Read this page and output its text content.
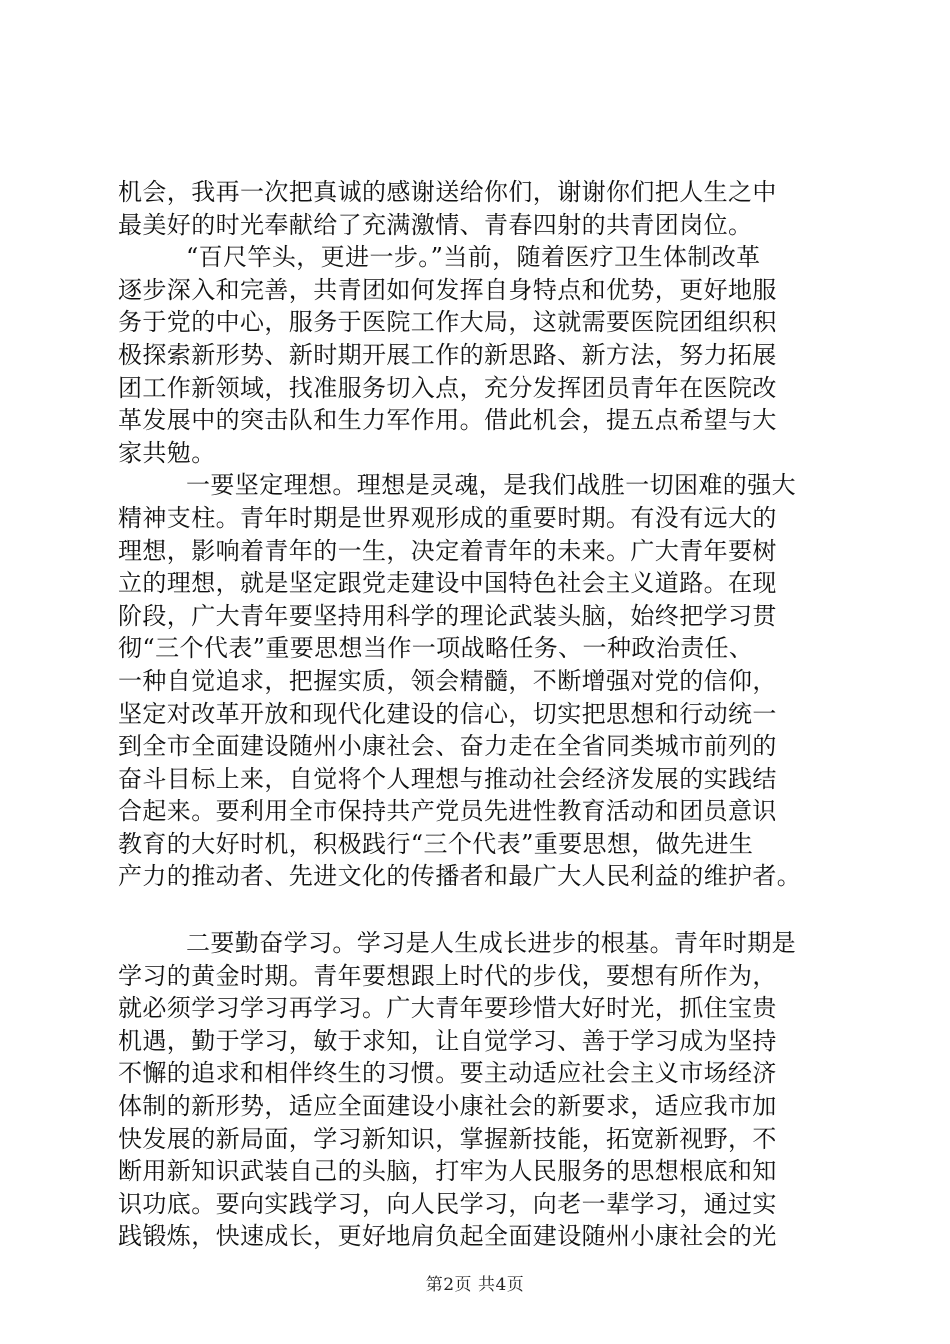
机会，我再一次把真诚的感谢送给你们，谢谢你们把人生之中
最美好的时光奉献给了充满激情、青春四射的共青团岗位。
“百尺竿头，更进一步。”当前，随着医疗卫生体制改革
逐步深入和完善，共青团如何发挥自身特点和优势，更好地服
务于党的中心，服务于医院工作大局，这就需要医院团组织积
极探索新形势、新时期开展工作的新思路、新方法，努力拓展
团工作新领域，找准服务切入点，充分发挥团员青年在医院改
革发展中的突击队和生力军作用。借此机会，提五点希望与大
家共勉。
一要坚定理想。理想是灵魂，是我们战胜一切困难的强大
精神支柱。青年时期是世界观形成的重要时期。有没有远大的
理想，影响着青年的一生，决定着青年的未来。广大青年要树
立的理想，就是坚定跟党走建设中国特色社会主义道路。在现
阶段，广大青年要坚持用科学的理论武装头脑，始终把学习贯
彻“三个代表”重要思想当作一项战略任务、一种政治责任、
一种自觉追求，把握实质，领会精髓，不断增强对党的信仰，
坚定对改革开放和现代化建设的信心，切实把思想和行动统一
到全市全面建设随州小康社会、奋力走在全省同类城市前列的
奋斗目标上来，自觉将个人理想与推动社会经济发展的实践结
合起来。要利用全市保持共产党员先进性教育活动和团员意识
教育的大好时机，积极践行“三个代表”重要思想，做先进生
产力的推动者、先进文化的传播者和最广大人民利益的维护者。
二要勤奋学习。学习是人生成长进步的根基。青年时期是
学习的黄金时期。青年要想跟上时代的步伐，要想有所作为，
就必须学习学习再学习。广大青年要珍惜大好时光，抓住宝贵
机遇，勤于学习，敏于求知，让自觉学习、善于学习成为坚持
不懈的追求和相伴终生的习惯。要主动适应社会主义市场经济
体制的新形势，适应全面建设小康社会的新要求，适应我市加
快发展的新局面，学习新知识，掌握新技能，拓宽新视野，不
断用新知识武装自己的头脑，打牢为人民服务的思想根底和知
识功底。要向实践学习，向人民学习，向老一辈学习，通过实
践锻炼，快速成长，更好地肩负起全面建设随州小康社会的光
第2页 共4页
